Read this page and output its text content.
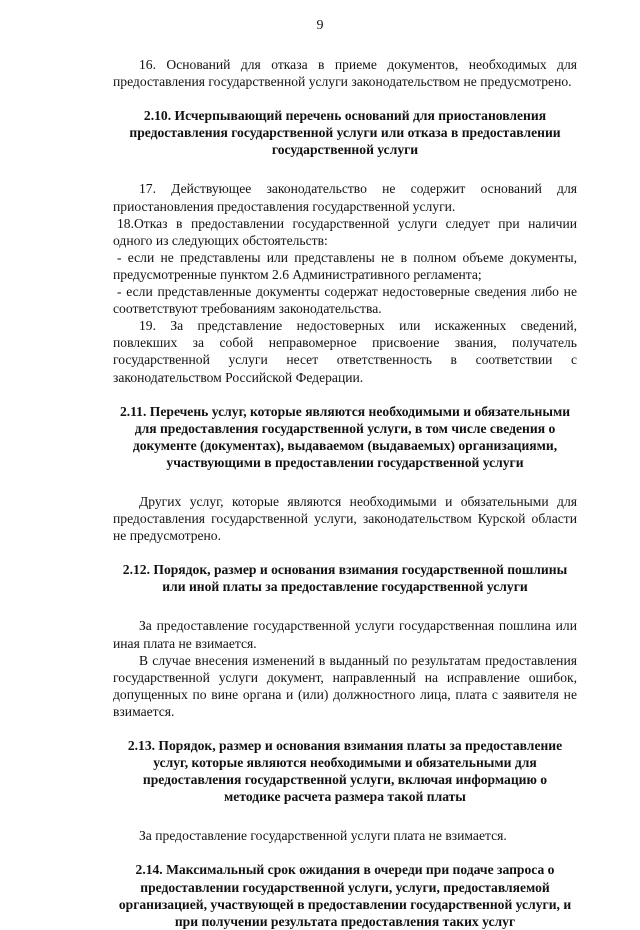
9

16. Оснований для отказа в приеме документов, необходимых для предоставления государственной услуги законодательством не предусмотрено.

2.10. Исчерпывающий перечень оснований для приостановления предоставления государственной услуги или отказа в предоставлении государственной услуги

17. Действующее законодательство не содержит оснований для приостановления предоставления государственной услуги.

18.Отказ в предоставлении государственной услуги следует при наличии одного из следующих обстоятельств:

- если не представлены или представлены не в полном объеме документы, предусмотренные пунктом 2.6 Административного регламента;

- если представленные документы содержат недостоверные сведения либо не соответствуют требованиям законодательства.

19. За представление недостоверных или искаженных сведений, повлекших за собой неправомерное присвоение звания, получатель государственной услуги несет ответственность в соответствии с законодательством Российской Федерации.

2.11. Перечень услуг, которые являются необходимыми и обязательными для предоставления государственной услуги, в том числе сведения о документе (документах), выдаваемом (выдаваемых) организациями, участвующими в предоставлении государственной услуги

Других услуг, которые являются необходимыми и обязательными для предоставления государственной услуги, законодательством Курской области не предусмотрено.

2.12. Порядок, размер и основания взимания государственной пошлины или иной платы за предоставление государственной услуги

За предоставление государственной услуги государственная пошлина или иная плата не взимается.

В случае внесения изменений в выданный по результатам предоставления государственной услуги документ, направленный на исправление ошибок, допущенных по вине органа и (или) должностного лица, плата с заявителя не взимается.

2.13. Порядок, размер и основания взимания платы за предоставление услуг, которые являются необходимыми и обязательными для предоставления государственной услуги, включая информацию о методике расчета размера такой платы

За предоставление государственной услуги плата не взимается.

2.14. Максимальный срок ожидания в очереди при подаче запроса о предоставлении государственной услуги, услуги, предоставляемой организацией, участвующей в предоставлении государственной услуги, и при получении результата предоставления таких услуг
